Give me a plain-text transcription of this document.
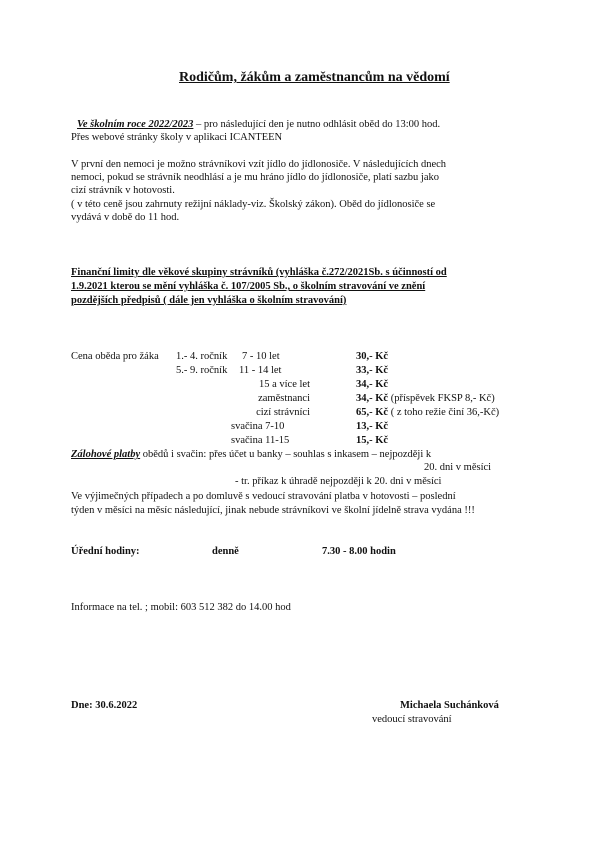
Rodičům, žákům a zaměstnancům na vědomí
Ve školním roce 2022/2023 – pro následující den je nutno odhlásit oběd do 13:00 hod.
Přes webové stránky školy v aplikaci ICANTEEN
V první den nemoci je možno strávníkovi vzít jídlo do jídlonosiče. V následujících dnech
nemoci, pokud se strávník neodhlásí a je mu hráno jídlo do jídlonosiče, platí sazbu jako
cizí strávník v hotovosti.
( v této ceně jsou zahrnuty režijní náklady-viz. Školský zákon). Oběd do jídlonosiče se
vydává v době do 11 hod.
Finanční limity dle věkové skupiny strávníků (vyhláška č.272/2021Sb. s účinností od
1.9.2021 kterou se mění vyhláška č. 107/2005 Sb., o školním stravování ve znění
pozdějších předpisů ( dále jen vyhláška o školním stravování)
Cena oběda pro žáka 1.- 4. ročník 7 - 10 let	30,- Kč
5.- 9. ročník 11 - 14 let	33,- Kč
15 a více let	34,- Kč
zaměstnanci	34,- Kč (příspěvek FKSP 8,- Kč)
cizí strávníci	65,- Kč ( z toho režie činí 36,-Kč)
svačina 7-10	13,- Kč
svačina 11-15	15,- Kč
Zálohové platby obědů i svačin: přes účet u banky – souhlas s inkasem – nejpozději k
20. dni v měsíci
- tr. příkaz k úhradě nejpozději k 20. dni v měsíci
Ve výjimečných případech a po domluvě s vedoucí stravování platba v hotovosti – poslední
týden v měsíci na měsíc následující, jinak nebude strávníkovi ve školní jídelně strava vydána !!!
Úřední hodiny:	denně	7.30 - 8.00 hodin
Informace na tel. ; mobil: 603 512 382 do 14.00 hod
Dne: 30.6.2022	Michaela Suchánková
vedoucí stravování
